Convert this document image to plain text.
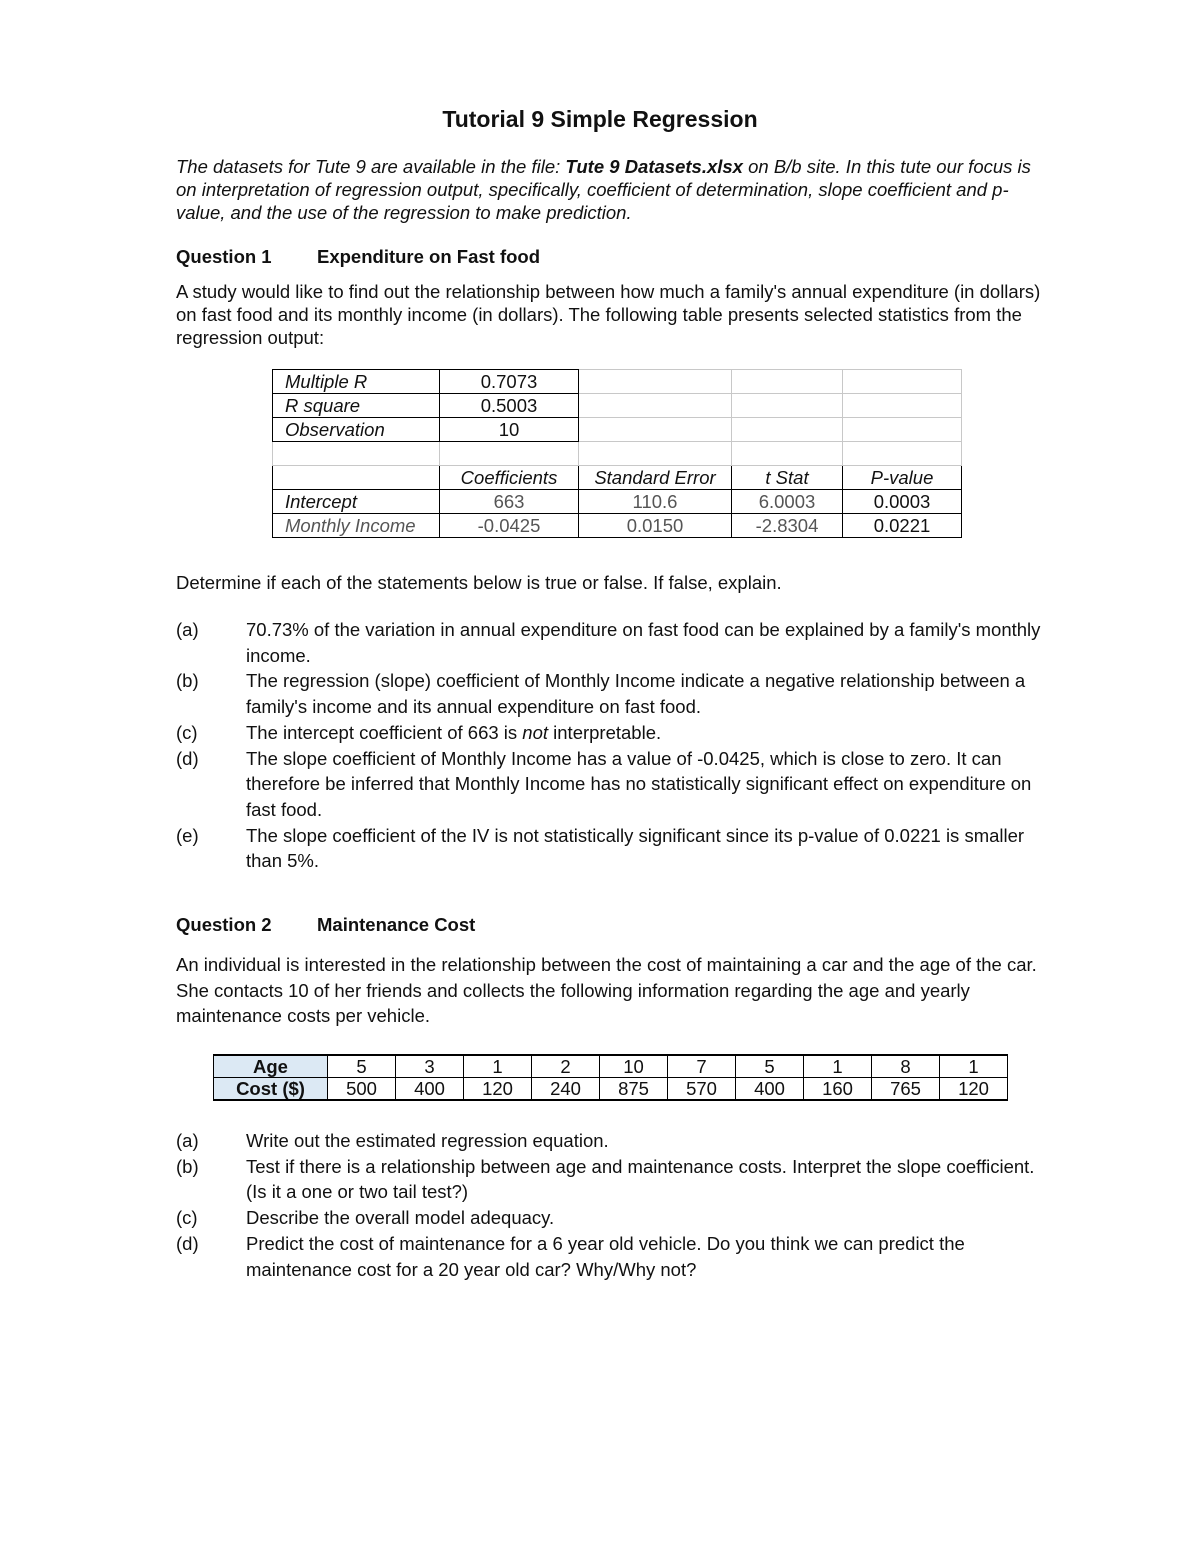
Tutorial 9 Simple Regression
The datasets for Tute 9 are available in the file: Tute 9 Datasets.xlsx on B/b site. In this tute our focus is on interpretation of regression output, specifically, coefficient of determination, slope coefficient and p-value, and the use of the regression to make prediction.
Question 1 Expenditure on Fast food
A study would like to find out the relationship between how much a family's annual expenditure (in dollars) on fast food and its monthly income (in dollars). The following table presents selected statistics from the regression output:
Multiple R	0.7073			
R square	0.5003			
Observation	10			

	Coefficients	Standard Error	t Stat	P-value
Intercept	663	110.6	6.0003	0.0003
Monthly Income	-0.0425	0.0150	-2.8304	0.0221
Determine if each of the statements below is true or false. If false, explain.
(a)	70.73% of the variation in annual expenditure on fast food can be explained by a family's monthly income.
(b)	The regression (slope) coefficient of Monthly Income indicate a negative relationship between a family's income and its annual expenditure on fast food.
(c)	The intercept coefficient of 663 is not interpretable.
(d)	The slope coefficient of Monthly Income has a value of -0.0425, which is close to zero. It can therefore be inferred that Monthly Income has no statistically significant effect on expenditure on fast food.
(e)	The slope coefficient of the IV is not statistically significant since its p-value of 0.0221 is smaller than 5%.
Question 2 Maintenance Cost
An individual is interested in the relationship between the cost of maintaining a car and the age of the car. She contacts 10 of her friends and collects the following information regarding the age and yearly maintenance costs per vehicle.
Age	5	3	1	2	10	7	5	1	8	1
Cost ($)	500	400	120	240	875	570	400	160	765	120
(a)	Write out the estimated regression equation.
(b)	Test if there is a relationship between age and maintenance costs. Interpret the slope coefficient. (Is it a one or two tail test?)
(c)	Describe the overall model adequacy.
(d)	Predict the cost of maintenance for a 6 year old vehicle. Do you think we can predict the maintenance cost for a 20 year old car? Why/Why not?
